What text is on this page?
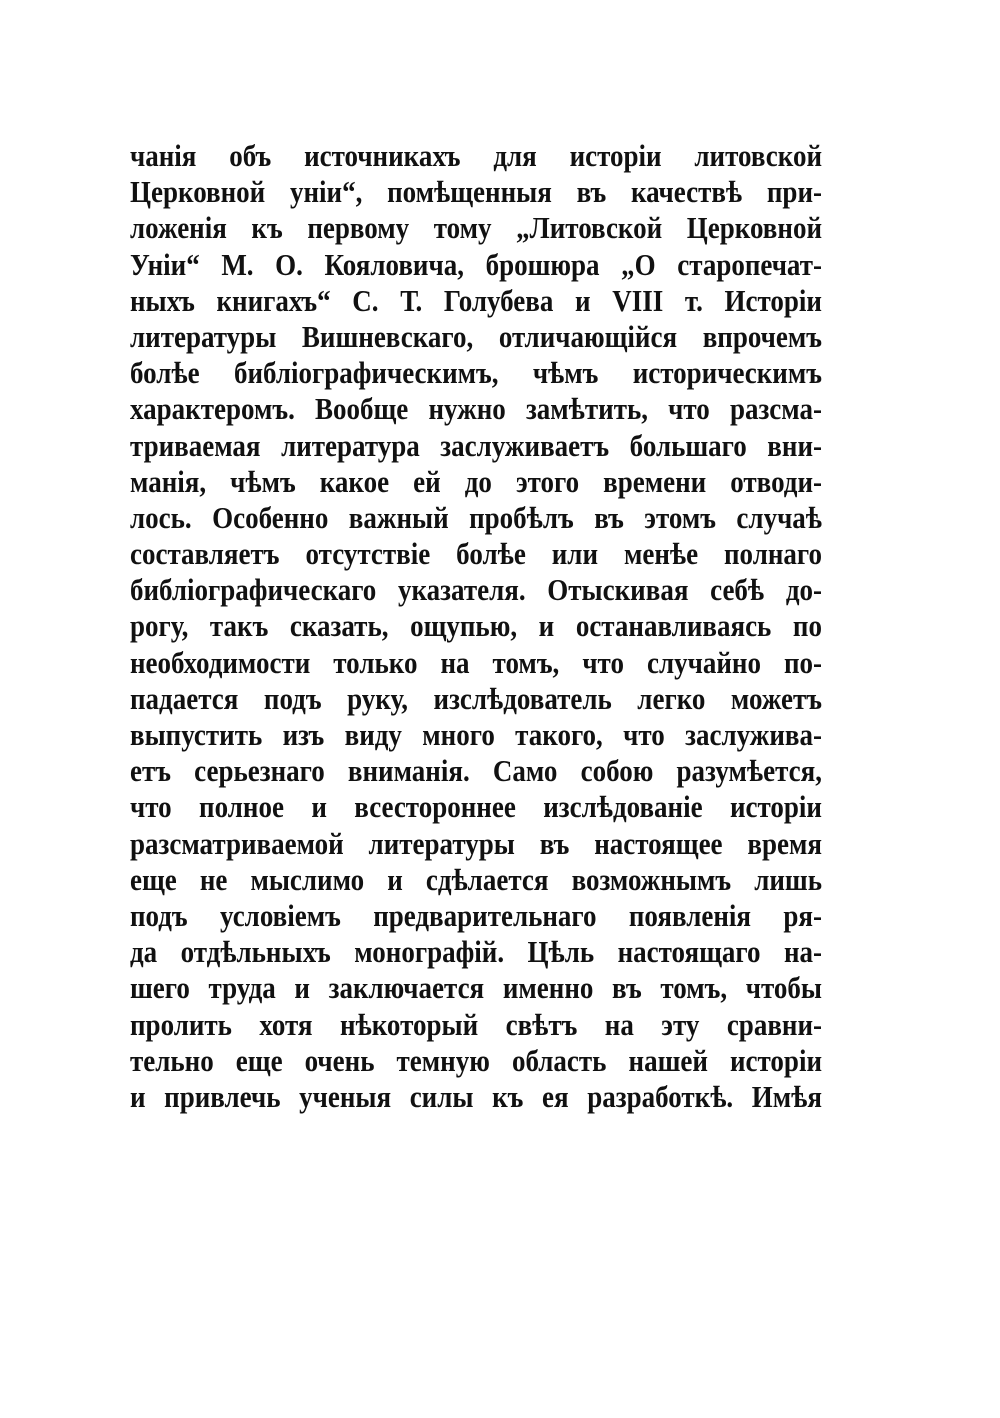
чанія объ источникахъ для исторіи литовской
Церковной уніи“, помѣщенныя въ качествѣ при-
ложенія къ первому тому „Литовской Церковной
Уніи“ М. О. Кояловича, брошюра „О старопечат-
ныхъ книгахъ“ С. Т. Голубева и VIII т. Исторіи
литературы Вишневскаго, отличающійся впрочемъ
болѣе библіографическимъ, чѣмъ историческимъ
характеромъ. Вообще нужно замѣтить, что разсма-
триваемая литература заслуживаетъ большаго вни-
манія, чѣмъ какое ей до этого времени отводи-
лось. Особенно важный пробѣлъ въ этомъ случаѣ
составляетъ отсутствіе болѣе или менѣе полнаго
библіографическаго указателя. Отыскивая себѣ до-
рогу, такъ сказать, ощупью, и останавливаясь по
необходимости только на томъ, что случайно по-
падается подъ руку, изслѣдователь легко можетъ
выпустить изъ виду много такого, что заслужива-
етъ серьезнаго вниманія. Само собою разумѣется,
что полное и всестороннее изслѣдованіе исторіи
разсматриваемой литературы въ настоящее время
еще не мыслимо и сдѣлается возможнымъ лишь
подъ условіемъ предварительнаго появленія ря-
да отдѣльныхъ монографій. Цѣль настоящаго на-
шего труда и заключается именно въ томъ, чтобы
пролить хотя нѣкоторый свѣтъ на эту сравни-
тельно еще очень темную область нашей исторіи
и привлечь ученыя силы къ ея разработкѣ. Имѣя
